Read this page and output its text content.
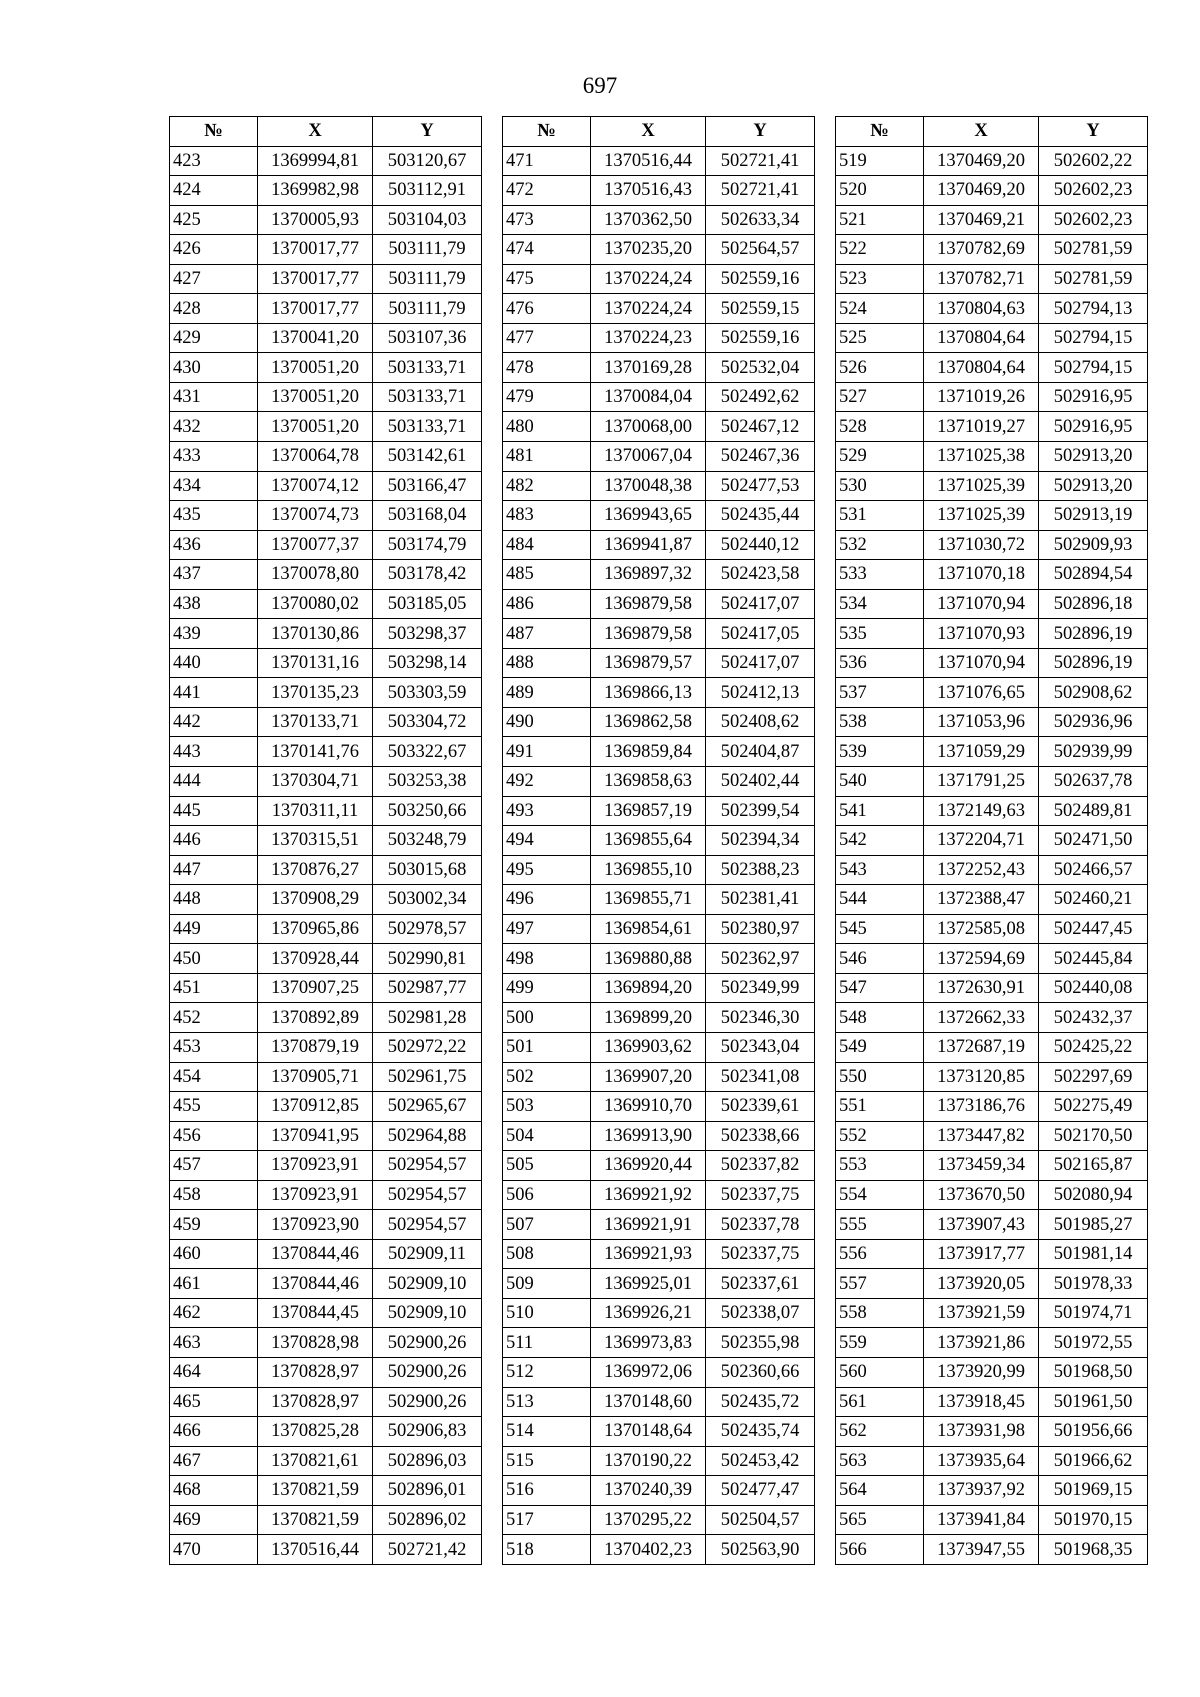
697
№	X	Y
423	1369994,81	503120,67
424	1369982,98	503112,91
425	1370005,93	503104,03
426	1370017,77	503111,79
427	1370017,77	503111,79
428	1370017,77	503111,79
429	1370041,20	503107,36
430	1370051,20	503133,71
431	1370051,20	503133,71
432	1370051,20	503133,71
433	1370064,78	503142,61
434	1370074,12	503166,47
435	1370074,73	503168,04
436	1370077,37	503174,79
437	1370078,80	503178,42
438	1370080,02	503185,05
439	1370130,86	503298,37
440	1370131,16	503298,14
441	1370135,23	503303,59
442	1370133,71	503304,72
443	1370141,76	503322,67
444	1370304,71	503253,38
445	1370311,11	503250,66
446	1370315,51	503248,79
447	1370876,27	503015,68
448	1370908,29	503002,34
449	1370965,86	502978,57
450	1370928,44	502990,81
451	1370907,25	502987,77
452	1370892,89	502981,28
453	1370879,19	502972,22
454	1370905,71	502961,75
455	1370912,85	502965,67
456	1370941,95	502964,88
457	1370923,91	502954,57
458	1370923,91	502954,57
459	1370923,90	502954,57
460	1370844,46	502909,11
461	1370844,46	502909,10
462	1370844,45	502909,10
463	1370828,98	502900,26
464	1370828,97	502900,26
465	1370828,97	502900,26
466	1370825,28	502906,83
467	1370821,61	502896,03
468	1370821,59	502896,01
469	1370821,59	502896,02
470	1370516,44	502721,42
№	X	Y
471	1370516,44	502721,41
472	1370516,43	502721,41
473	1370362,50	502633,34
474	1370235,20	502564,57
475	1370224,24	502559,16
476	1370224,24	502559,15
477	1370224,23	502559,16
478	1370169,28	502532,04
479	1370084,04	502492,62
480	1370068,00	502467,12
481	1370067,04	502467,36
482	1370048,38	502477,53
483	1369943,65	502435,44
484	1369941,87	502440,12
485	1369897,32	502423,58
486	1369879,58	502417,07
487	1369879,58	502417,05
488	1369879,57	502417,07
489	1369866,13	502412,13
490	1369862,58	502408,62
491	1369859,84	502404,87
492	1369858,63	502402,44
493	1369857,19	502399,54
494	1369855,64	502394,34
495	1369855,10	502388,23
496	1369855,71	502381,41
497	1369854,61	502380,97
498	1369880,88	502362,97
499	1369894,20	502349,99
500	1369899,20	502346,30
501	1369903,62	502343,04
502	1369907,20	502341,08
503	1369910,70	502339,61
504	1369913,90	502338,66
505	1369920,44	502337,82
506	1369921,92	502337,75
507	1369921,91	502337,78
508	1369921,93	502337,75
509	1369925,01	502337,61
510	1369926,21	502338,07
511	1369973,83	502355,98
512	1369972,06	502360,66
513	1370148,60	502435,72
514	1370148,64	502435,74
515	1370190,22	502453,42
516	1370240,39	502477,47
517	1370295,22	502504,57
518	1370402,23	502563,90
№	X	Y
519	1370469,20	502602,22
520	1370469,20	502602,23
521	1370469,21	502602,23
522	1370782,69	502781,59
523	1370782,71	502781,59
524	1370804,63	502794,13
525	1370804,64	502794,15
526	1370804,64	502794,15
527	1371019,26	502916,95
528	1371019,27	502916,95
529	1371025,38	502913,20
530	1371025,39	502913,20
531	1371025,39	502913,19
532	1371030,72	502909,93
533	1371070,18	502894,54
534	1371070,94	502896,18
535	1371070,93	502896,19
536	1371070,94	502896,19
537	1371076,65	502908,62
538	1371053,96	502936,96
539	1371059,29	502939,99
540	1371791,25	502637,78
541	1372149,63	502489,81
542	1372204,71	502471,50
543	1372252,43	502466,57
544	1372388,47	502460,21
545	1372585,08	502447,45
546	1372594,69	502445,84
547	1372630,91	502440,08
548	1372662,33	502432,37
549	1372687,19	502425,22
550	1373120,85	502297,69
551	1373186,76	502275,49
552	1373447,82	502170,50
553	1373459,34	502165,87
554	1373670,50	502080,94
555	1373907,43	501985,27
556	1373917,77	501981,14
557	1373920,05	501978,33
558	1373921,59	501974,71
559	1373921,86	501972,55
560	1373920,99	501968,50
561	1373918,45	501961,50
562	1373931,98	501956,66
563	1373935,64	501966,62
564	1373937,92	501969,15
565	1373941,84	501970,15
566	1373947,55	501968,35
